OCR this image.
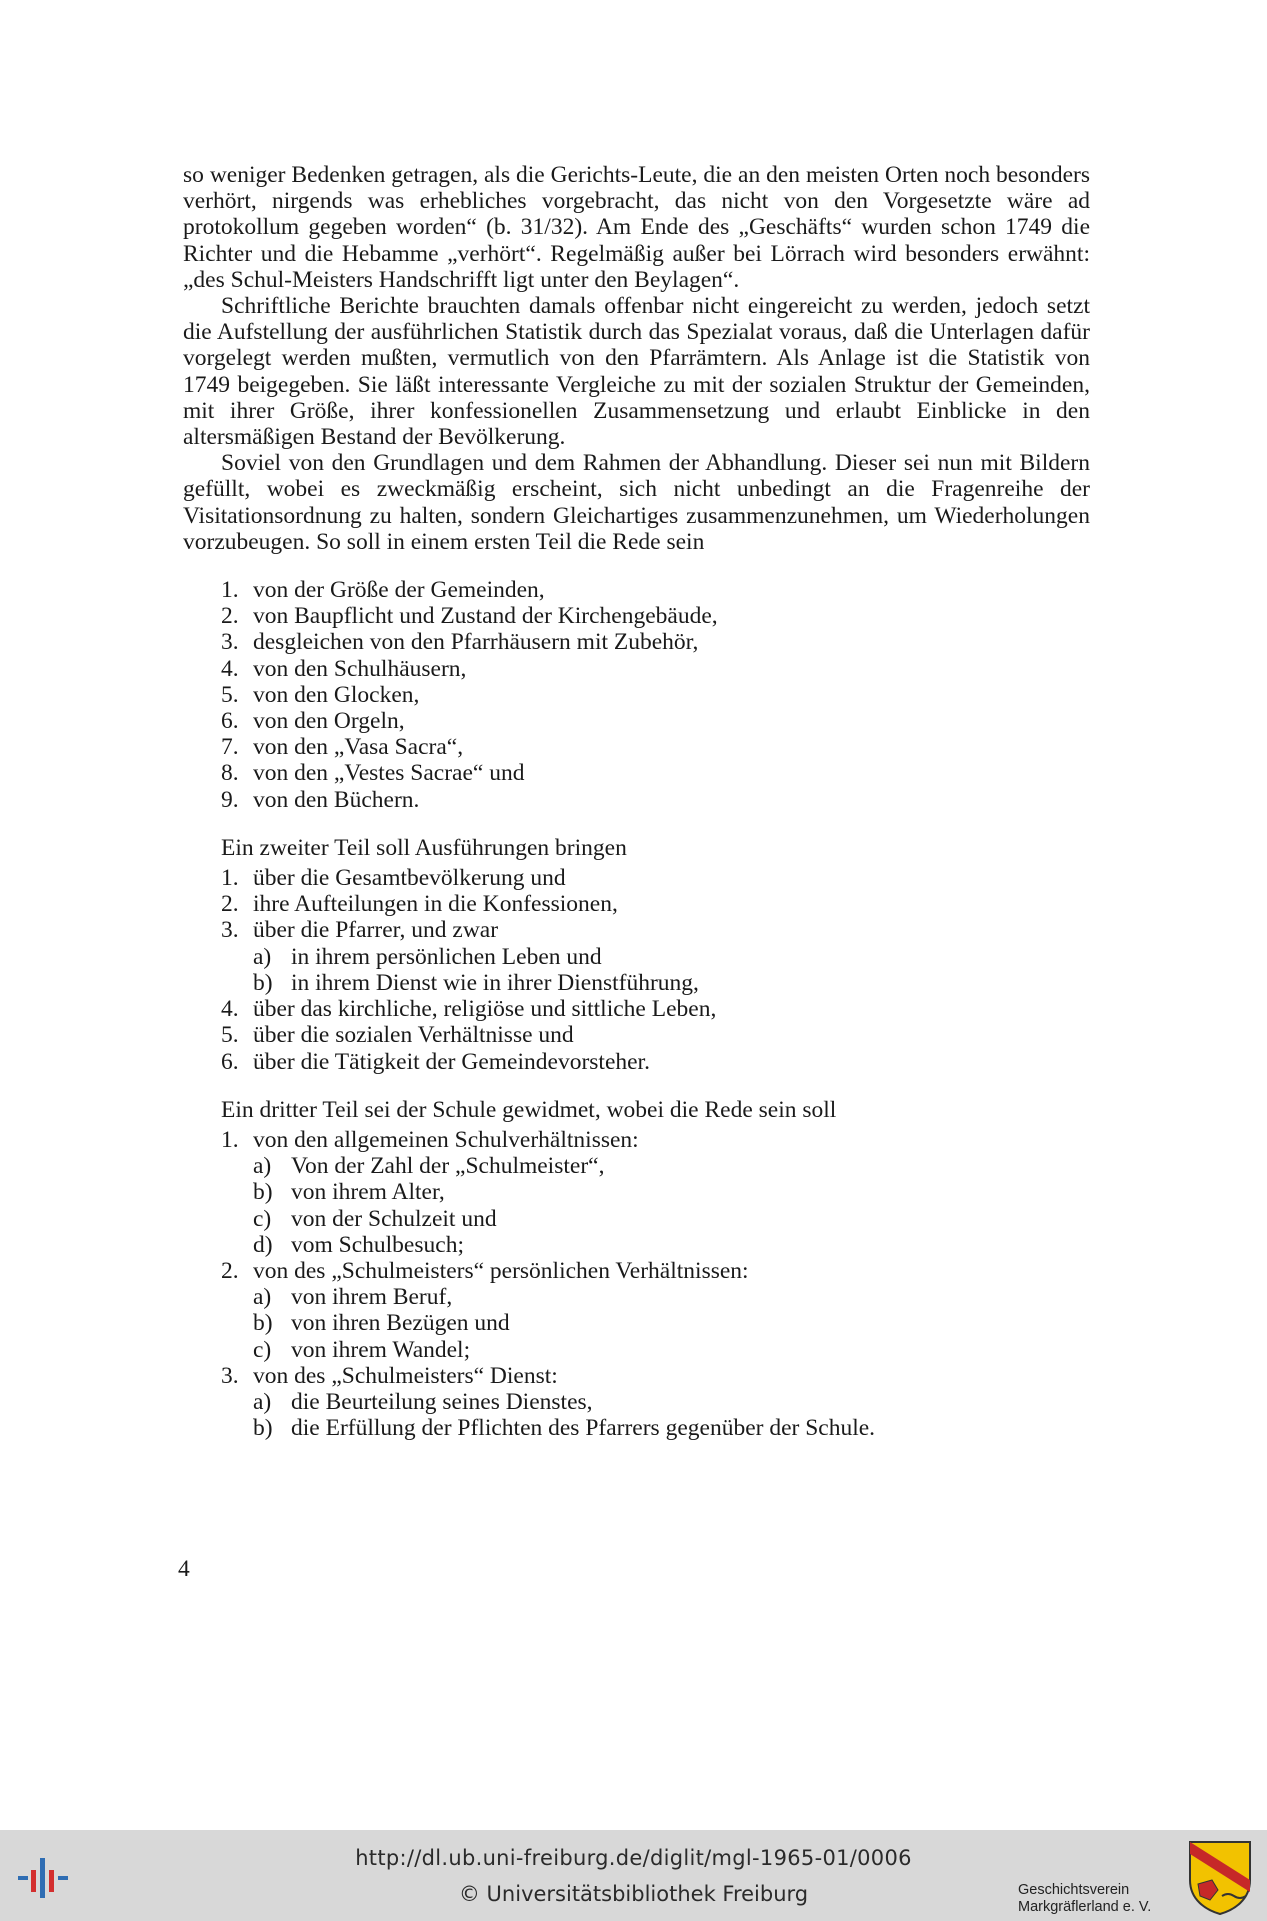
so weniger Bedenken getragen, als die Gerichts-Leute, die an den meisten Orten noch besonders verhört, nirgends was erhebliches vorgebracht, das nicht von den Vorgesetzte wäre ad protokollum gegeben worden“ (b. 31/32). Am Ende des „Geschäfts“ wurden schon 1749 die Richter und die Hebamme „verhört“. Regelmäßig außer bei Lörrach wird besonders erwähnt: „des Schul-Meisters Handschrifft ligt unter den Beylagen“.

Schriftliche Berichte brauchten damals offenbar nicht eingereicht zu werden, jedoch setzt die Aufstellung der ausführlichen Statistik durch das Spezialat voraus, daß die Unterlagen dafür vorgelegt werden mußten, vermutlich von den Pfarrämtern. Als Anlage ist die Statistik von 1749 beigegeben. Sie läßt interessante Vergleiche zu mit der sozialen Struktur der Gemeinden, mit ihrer Größe, ihrer konfessionellen Zusammensetzung und erlaubt Einblicke in den altersmäßigen Bestand der Bevölkerung.

Soviel von den Grundlagen und dem Rahmen der Abhandlung. Dieser sei nun mit Bildern gefüllt, wobei es zweckmäßig erscheint, sich nicht unbedingt an die Fragenreihe der Visitationsordnung zu halten, sondern Gleichartiges zusammenzunehmen, um Wiederholungen vorzubeugen. So soll in einem ersten Teil die Rede sein

1. von der Größe der Gemeinden,
2. von Baupflicht und Zustand der Kirchengebäude,
3. desgleichen von den Pfarrhäusern mit Zubehör,
4. von den Schulhäusern,
5. von den Glocken,
6. von den Orgeln,
7. von den „Vasa Sacra“,
8. von den „Vestes Sacrae“ und
9. von den Büchern.

Ein zweiter Teil soll Ausführungen bringen

1. über die Gesamtbevölkerung und
2. ihre Aufteilungen in die Konfessionen,
3. über die Pfarrer, und zwar
a) in ihrem persönlichen Leben und
b) in ihrem Dienst wie in ihrer Dienstführung,
4. über das kirchliche, religiöse und sittliche Leben,
5. über die sozialen Verhältnisse und
6. über die Tätigkeit der Gemeindevorsteher.

Ein dritter Teil sei der Schule gewidmet, wobei die Rede sein soll

1. von den allgemeinen Schulverhältnissen:
a) Von der Zahl der „Schulmeister“,
b) von ihrem Alter,
c) von der Schulzeit und
d) vom Schulbesuch;
2. von des „Schulmeisters“ persönlichen Verhältnissen:
a) von ihrem Beruf,
b) von ihren Bezügen und
c) von ihrem Wandel;
3. von des „Schulmeisters“ Dienst:
a) die Beurteilung seines Dienstes,
b) die Erfüllung der Pflichten des Pfarrers gegenüber der Schule.
4
http://dl.ub.uni-freiburg.de/diglit/mgl-1965-01/0006
© Universitätsbibliothek Freiburg	Geschichtsverein
Markgräflerland e. V.
